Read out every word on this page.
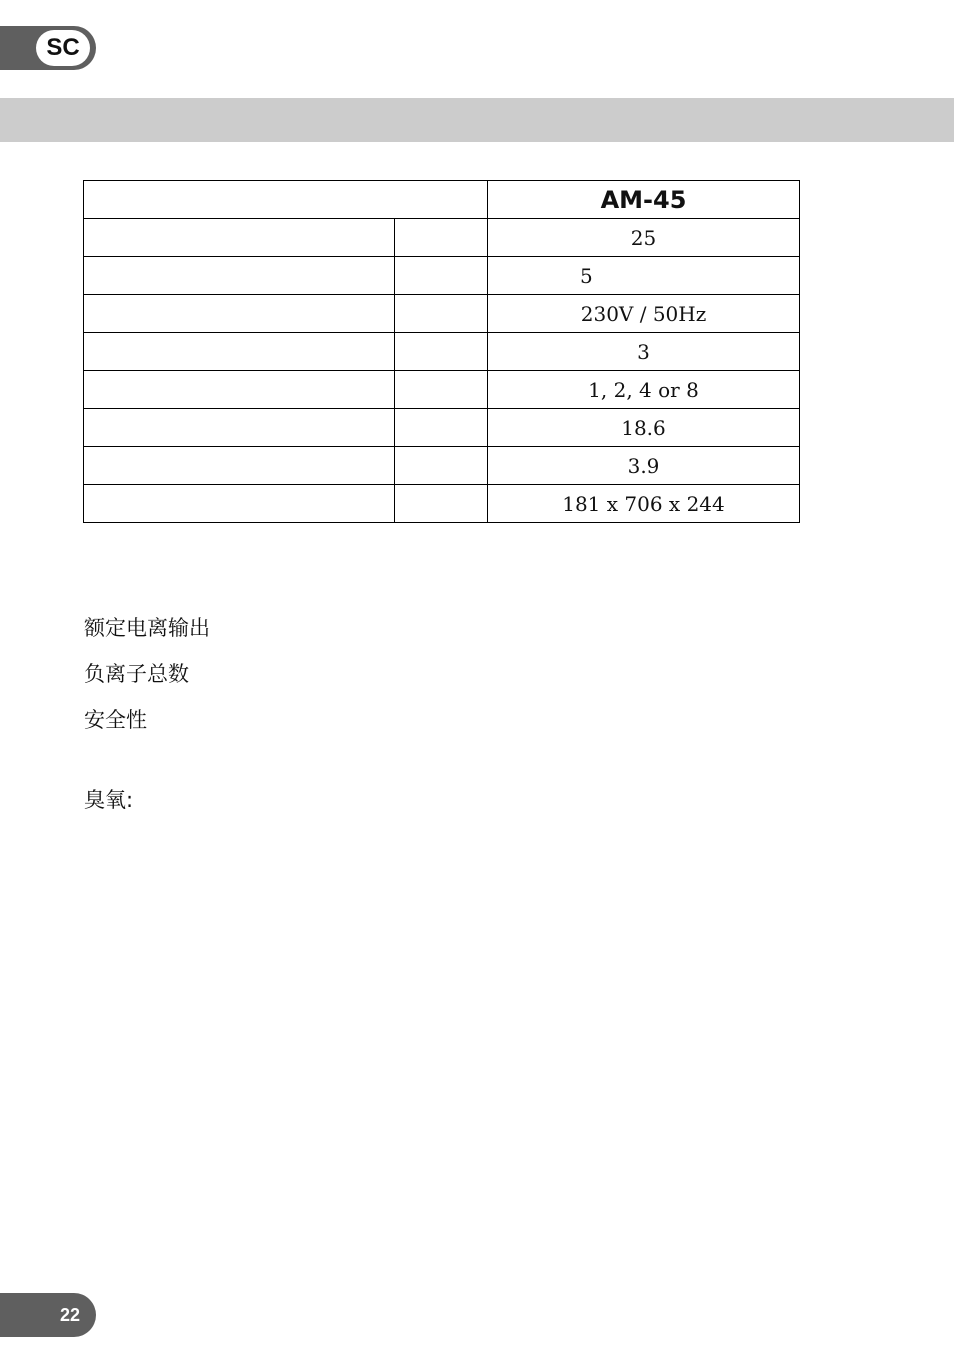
SC
		AM-45
		25
		5
		230V / 50Hz
		3
		1, 2, 4 or 8
		18.6
		3.9
		181 x 706 x 244
额定电离输出
负离子总数
安全性
臭氧:
22
